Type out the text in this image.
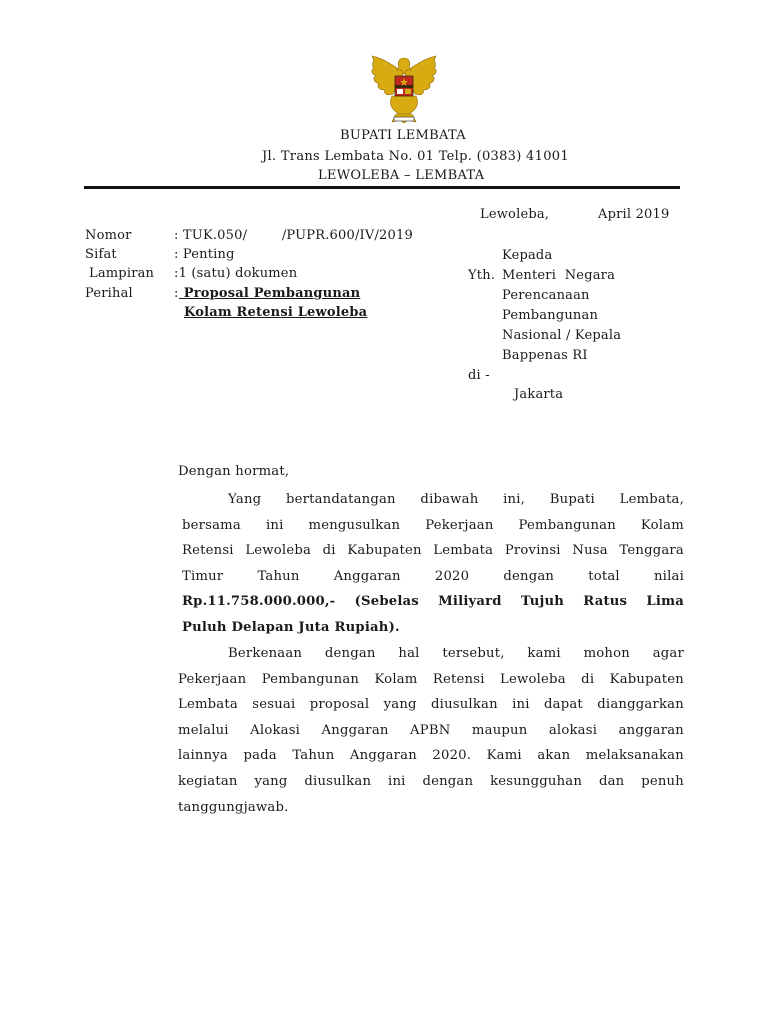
BUPATI LEMBATA
Jl. Trans Lembata No. 01 Telp. (0383) 41001
LEWOLEBA – LEMBATA
Lewoleba,	April 2019
Nomor	: TUK.050/        /PUPR.600/IV/2019
Sifat	: Penting
Lampiran :1 (satu) dokumen
Perihal	: Proposal Pembangunan
Kolam Retensi Lewoleba
Kepada
Yth. Menteri  Negara
Perencanaan
Pembangunan
Nasional / Kepala
Bappenas RI
di -
Jakarta
Dengan hormat,
Yang bertandatangan dibawah ini, Bupati Lembata,
bersama ini mengusulkan Pekerjaan Pembangunan Kolam
Retensi Lewoleba di Kabupaten Lembata Provinsi Nusa Tenggara
Timur	Tahun	Anggaran	2020	dengan	total	nilai
Rp.11.758.000.000,- (Sebelas Miliyard Tujuh Ratus Lima
Puluh Delapan Juta Rupiah).
Berkenaan dengan hal tersebut, kami mohon agar
Pekerjaan Pembangunan Kolam Retensi Lewoleba di Kabupaten
Lembata sesuai proposal yang diusulkan ini dapat dianggarkan
melalui Alokasi Anggaran APBN maupun alokasi anggaran
lainnya pada Tahun Anggaran 2020. Kami akan melaksanakan
kegiatan yang diusulkan ini dengan kesungguhan dan penuh
tanggungjawab.
